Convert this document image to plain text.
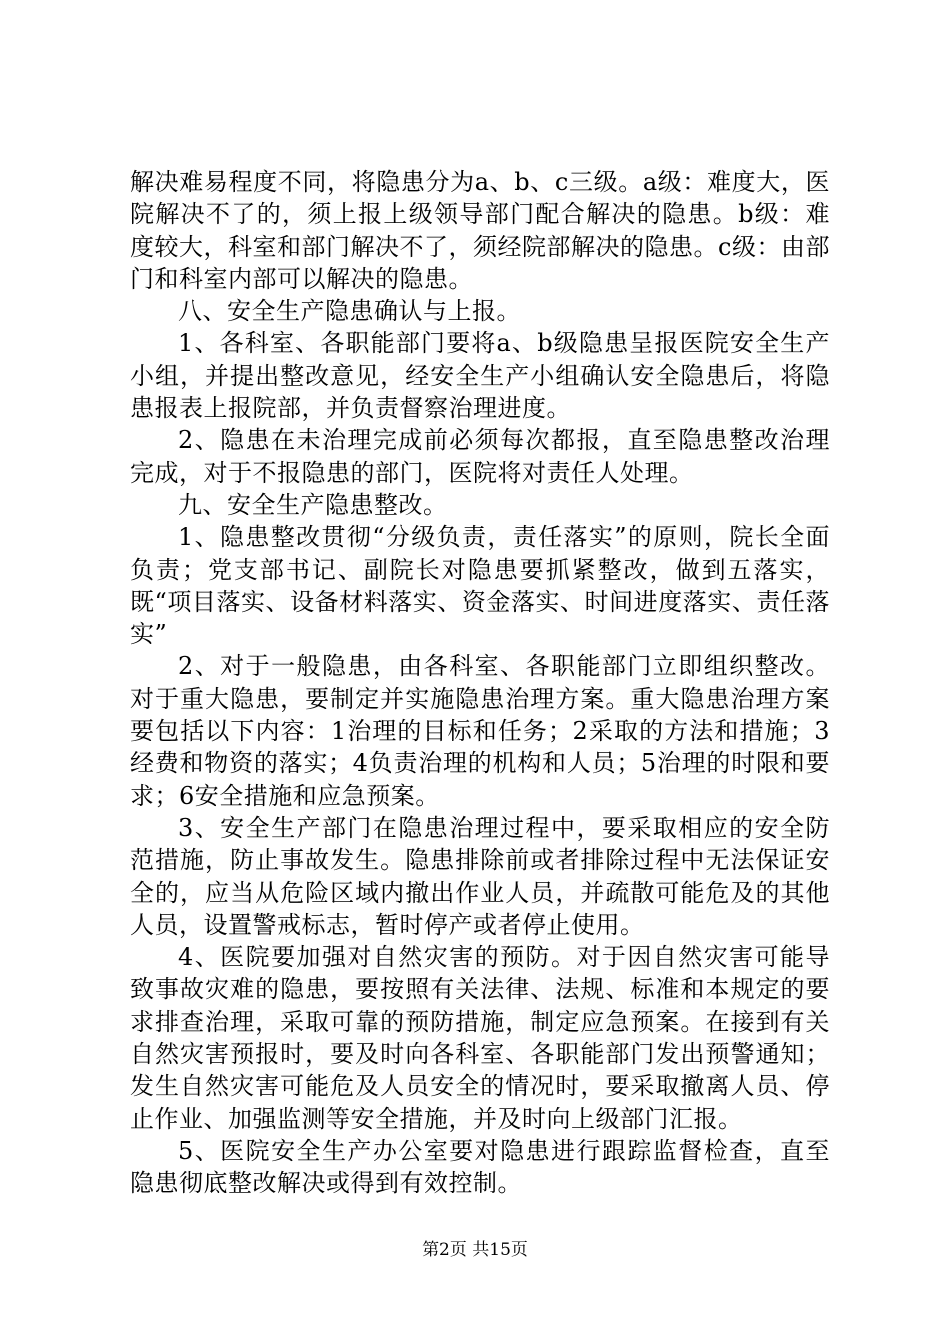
解决难易程度不同，将隐患分为a、b、c三级。a级：难度大，医院解决不了的，须上报上级领导部门配合解决的隐患。b级：难度较大，科室和部门解决不了，须经院部解决的隐患。c级：由部门和科室内部可以解决的隐患。

八、安全生产隐患确认与上报。

1、各科室、各职能部门要将a、b级隐患呈报医院安全生产小组，并提出整改意见，经安全生产小组确认安全隐患后，将隐患报表上报院部，并负责督察治理进度。

2、隐患在未治理完成前必须每次都报，直至隐患整改治理完成，对于不报隐患的部门，医院将对责任人处理。

九、安全生产隐患整改。

1、隐患整改贯彻“分级负责，责任落实”的原则，院长全面负责；党支部书记、副院长对隐患要抓紧整改，做到五落实，既“项目落实、设备材料落实、资金落实、时间进度落实、责任落实”

2、对于一般隐患，由各科室、各职能部门立即组织整改。对于重大隐患，要制定并实施隐患治理方案。重大隐患治理方案要包括以下内容：1治理的目标和任务；2采取的方法和措施；3经费和物资的落实；4负责治理的机构和人员；5治理的时限和要求；6安全措施和应急预案。

3、安全生产部门在隐患治理过程中，要采取相应的安全防范措施，防止事故发生。隐患排除前或者排除过程中无法保证安全的，应当从危险区域内撤出作业人员，并疏散可能危及的其他人员，设置警戒标志，暂时停产或者停止使用。

4、医院要加强对自然灾害的预防。对于因自然灾害可能导致事故灾难的隐患，要按照有关法律、法规、标准和本规定的要求排查治理，采取可靠的预防措施，制定应急预案。在接到有关自然灾害预报时，要及时向各科室、各职能部门发出预警通知；发生自然灾害可能危及人员安全的情况时，要采取撤离人员、停止作业、加强监测等安全措施，并及时向上级部门汇报。

5、医院安全生产办公室要对隐患进行跟踪监督检查，直至隐患彻底整改解决或得到有效控制。

第2页 共15页
